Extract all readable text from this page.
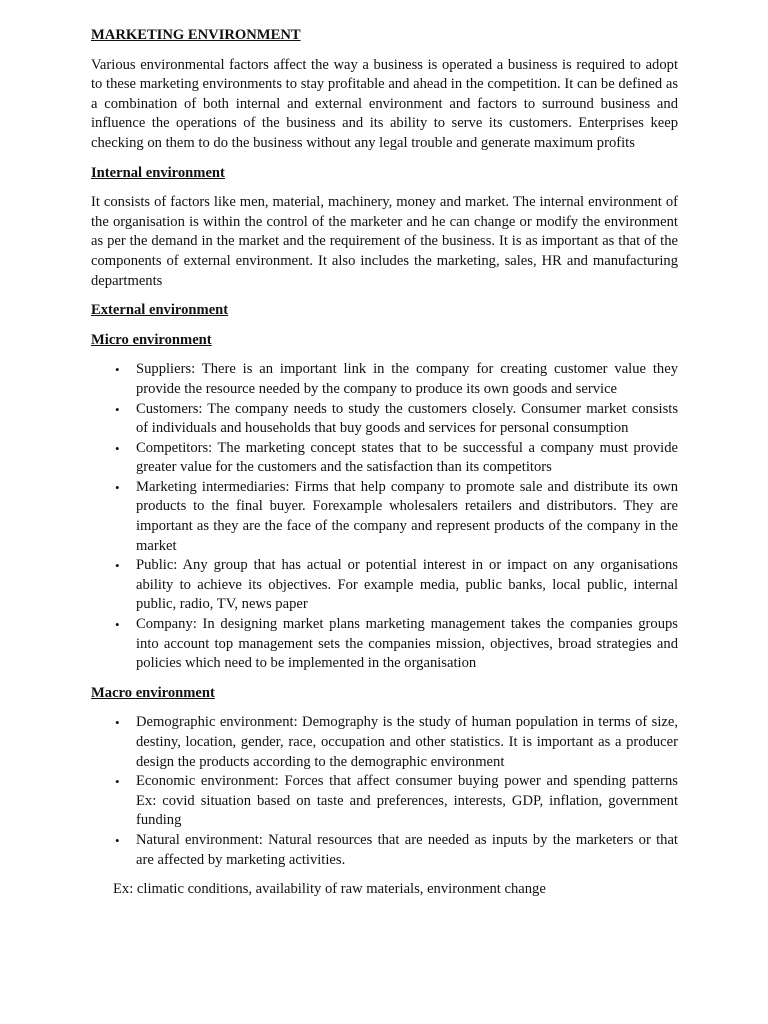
MARKETING ENVIRONMENT

Various environmental factors affect the way a business is operated a business is required to adopt to these marketing environments to stay profitable and ahead in the competition. It can be defined as a combination of both internal and external environment and factors to surround business and influence the operations of the business and its ability to serve its customers. Enterprises keep checking on them to do the business without any legal trouble and generate maximum profits

Internal environment

It consists of factors like men, material, machinery, money and market. The internal environment of the organisation is within the control of the marketer and he can change or modify the environment as per the demand in the market and the requirement of the business. It is as important as that of the components of external environment. It also includes the marketing, sales, HR and manufacturing departments

External environment
Micro environment
• Suppliers: There is an important link in the company for creating customer value they provide the resource needed by the company to produce its own goods and service
• Customers: The company needs to study the customers closely. Consumer market consists of individuals and households that buy goods and services for personal consumption
• Competitors: The marketing concept states that to be successful a company must provide greater value for the customers and the satisfaction than its competitors
• Marketing intermediaries: Firms that help company to promote sale and distribute its own products to the final buyer. Forexample wholesalers retailers and distributors. They are important as they are the face of the company and represent products of the company in the market
• Public: Any group that has actual or potential interest in or impact on any organisations ability to achieve its objectives. For example media, public banks, local public, internal public, radio, TV, news paper
• Company: In designing market plans marketing management takes the companies groups into account top management sets the companies mission, objectives, broad strategies and policies which need to be implemented in the organisation
Macro environment
• Demographic environment: Demography is the study of human population in terms of size, destiny, location, gender, race, occupation and other statistics. It is important as a producer design the products according to the demographic environment
• Economic environment: Forces that affect consumer buying power and spending patterns Ex: covid situation based on taste and preferences, interests, GDP, inflation, government funding
• Natural environment: Natural resources that are needed as inputs by the marketers or that are affected by marketing activities.

Ex: climatic conditions, availability of raw materials, environment change
